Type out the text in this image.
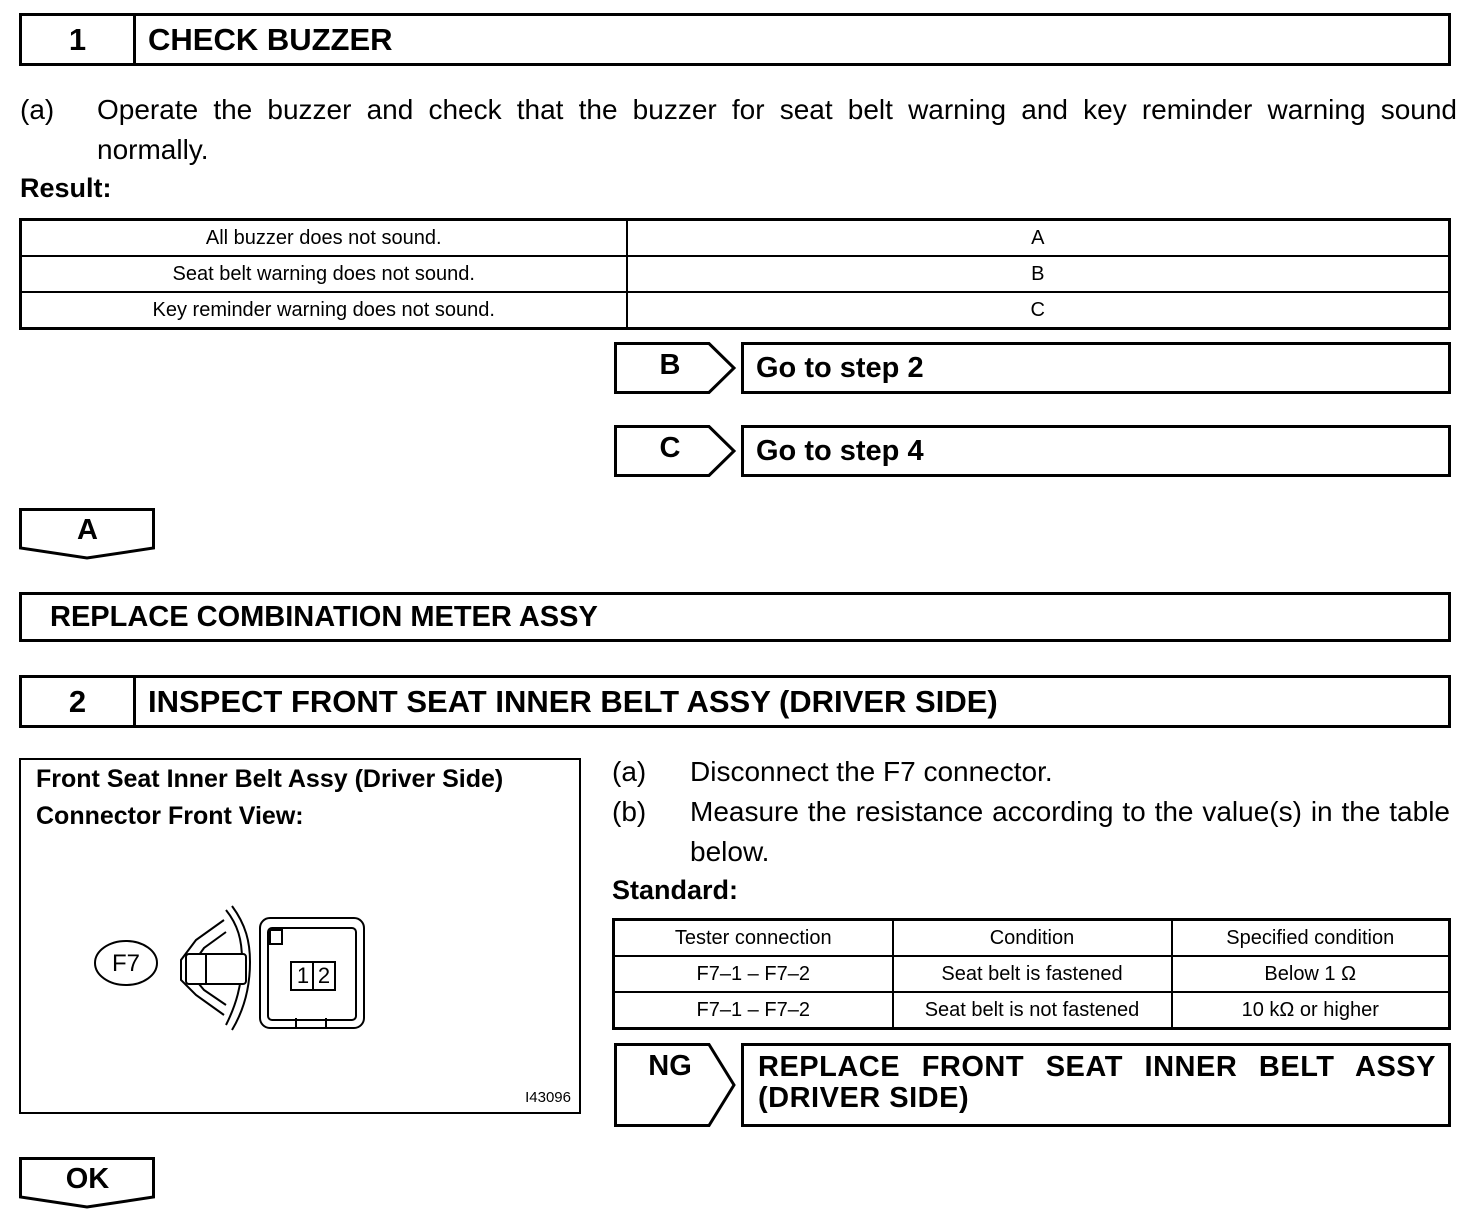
1	CHECK BUZZER
(a) Operate the buzzer and check that the buzzer for seat belt warning and key reminder warning sound normally.
Result:
All buzzer does not sound.	A
Seat belt warning does not sound.	B
Key reminder warning does not sound.	C
B	Go to step 2
C	Go to step 4
A
REPLACE COMBINATION METER ASSY
2	INSPECT FRONT SEAT INNER BELT ASSY (DRIVER SIDE)
Front Seat Inner Belt Assy (Driver Side)
Connector Front View:
F7	1 2
I43096
(a) Disconnect the F7 connector.
(b) Measure the resistance according to the value(s) in the table below.
Standard:
Tester connection	Condition	Specified condition
F7–1 – F7–2	Seat belt is fastened	Below 1 Ω
F7–1 – F7–2	Seat belt is not fastened	10 kΩ or higher
NG	REPLACE FRONT SEAT INNER BELT ASSY (DRIVER SIDE)
OK
